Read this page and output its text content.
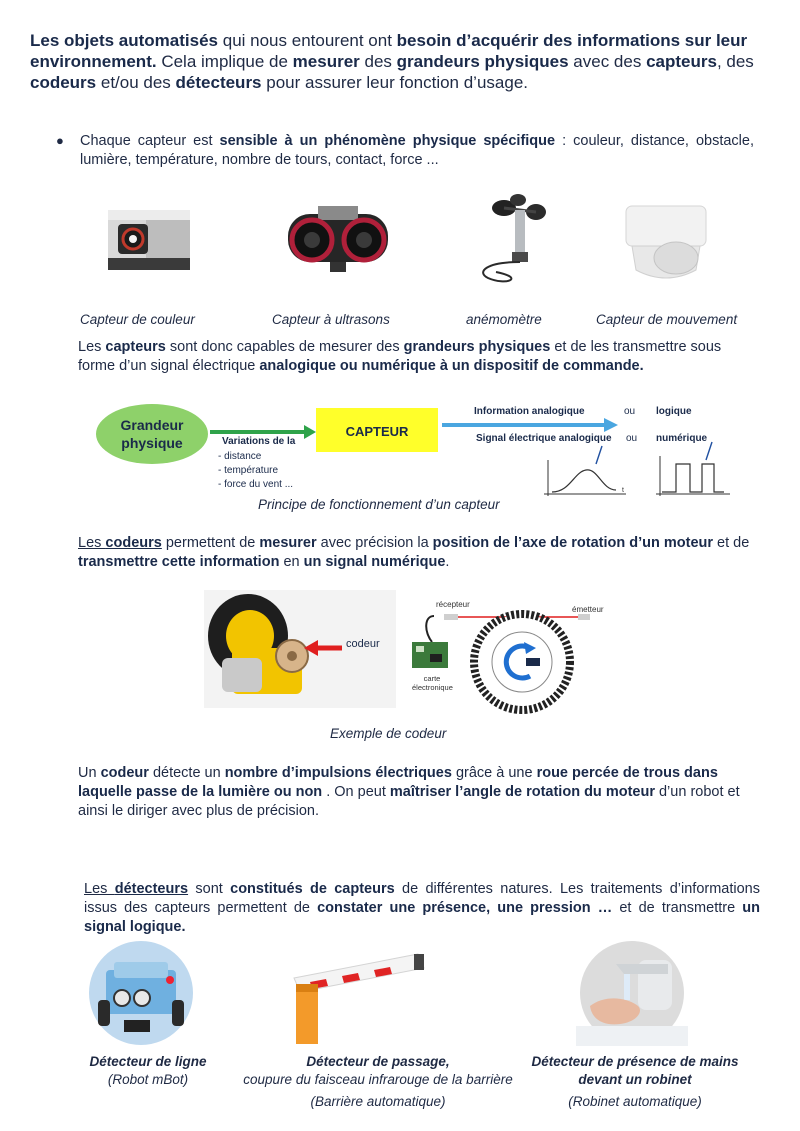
Les objets automatisés qui nous entourent ont besoin d’acquérir des informations sur leur environnement. Cela implique de mesurer des grandeurs physiques avec des capteurs, des codeurs et/ou des détecteurs pour assurer leur fonction d’usage.
● Chaque capteur est sensible à un phénomène physique spécifique : couleur, distance, obstacle, lumière, température, nombre de tours, contact, force ...
Capteur de couleur	Capteur à ultrasons	anémomètre	Capteur de mouvement
Les capteurs sont donc capables de mesurer des grandeurs physiques et de les transmettre sous forme d’un signal électrique analogique ou numérique à un dispositif de commande.
Grandeur physique
CAPTEUR
Variations de la
- distance
- température
- force du vent ...
Information analogique	ou logique
Signal électrique analogique ou numérique
t
Principe de fonctionnement d’un capteur
Les codeurs permettent de mesurer avec précision la position de l’axe de rotation d’un moteur et de transmettre cette information en un signal numérique.
codeur
récepteur
émetteur
carte
électronique
Exemple de codeur
Un codeur détecte un nombre d’impulsions électriques grâce à une roue percée de trous dans laquelle passe de la lumière ou non . On peut maîtriser l’angle de rotation du moteur d’un robot et ainsi le diriger avec plus de précision.
Les détecteurs sont constitués de capteurs de différentes natures. Les traitements d’informations issus des capteurs permettent de constater une présence, une pression … et de transmettre un signal logique.
Détecteur de ligne
(Robot mBot)
Détecteur de passage,
coupure du faisceau infrarouge de la barrière
(Barrière automatique)
Détecteur de présence de mains
devant un robinet
(Robinet automatique)
